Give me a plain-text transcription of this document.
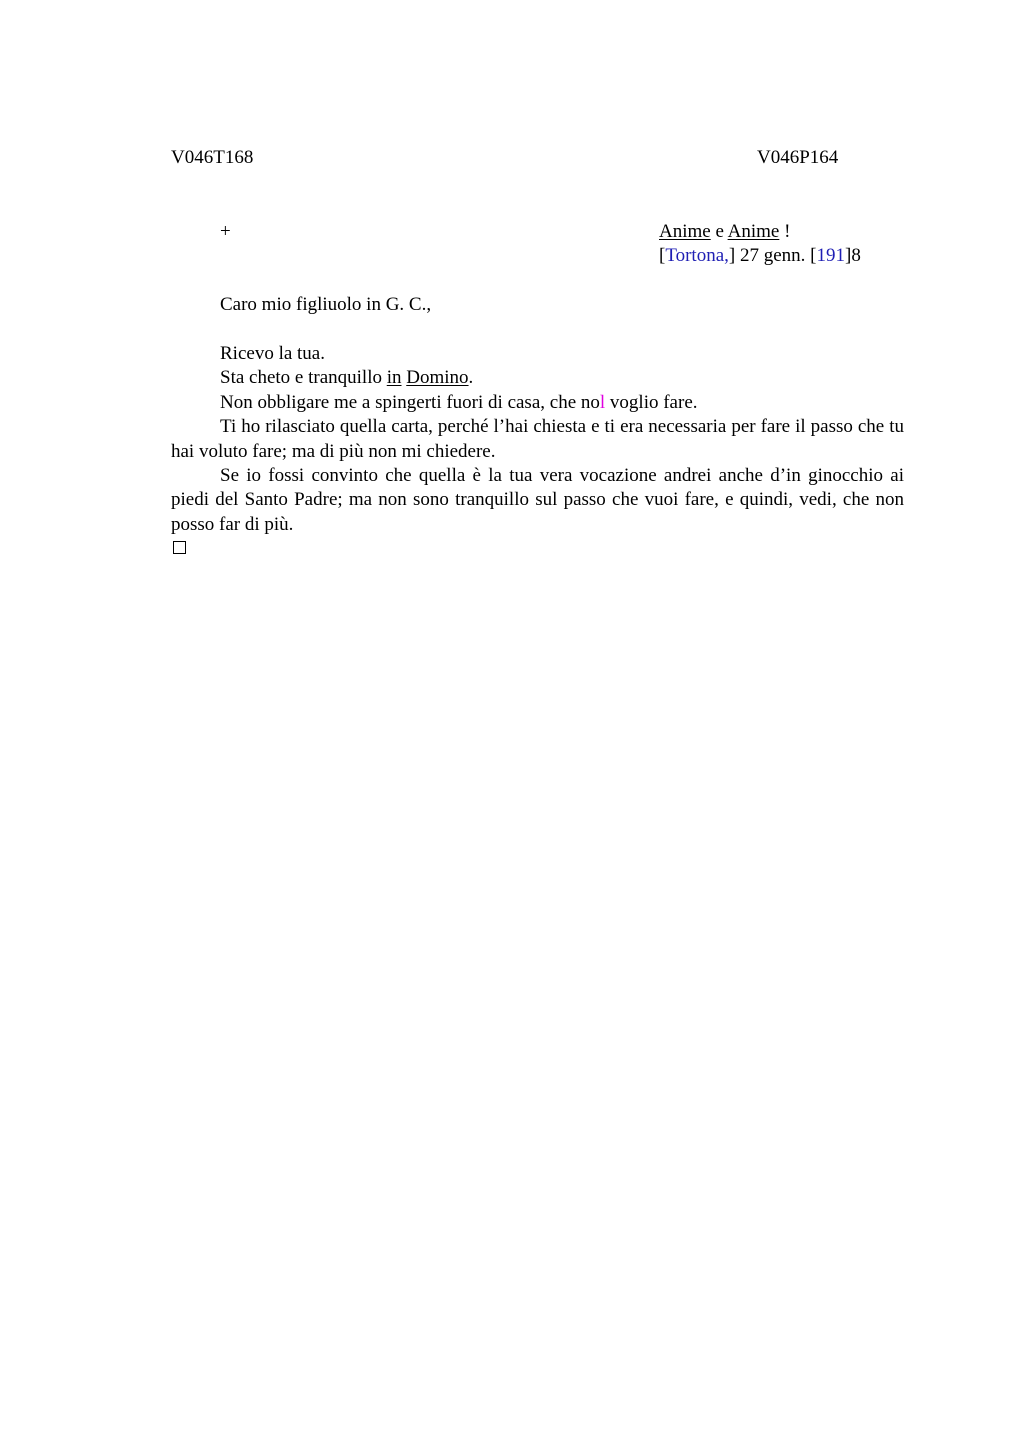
V046T168	V046P164
+	Anime e Anime !
[Tortona,] 27 genn. [191]8
Caro mio figliuolo in G. C.,

Ricevo la tua.

Sta cheto e tranquillo in Domino.

Non obbligare me a spingerti fuori di casa, che nol voglio fare.

Ti ho rilasciato quella carta, perché l’hai chiesta e ti era necessaria per fare il passo che tu hai voluto fare; ma di più non mi chiedere.

Se io fossi convinto che quella è la tua vera vocazione andrei anche d’in ginocchio ai piedi del Santo Padre; ma non sono tranquillo sul passo che vuoi fare, e quindi, vedi, che non posso far di più.
